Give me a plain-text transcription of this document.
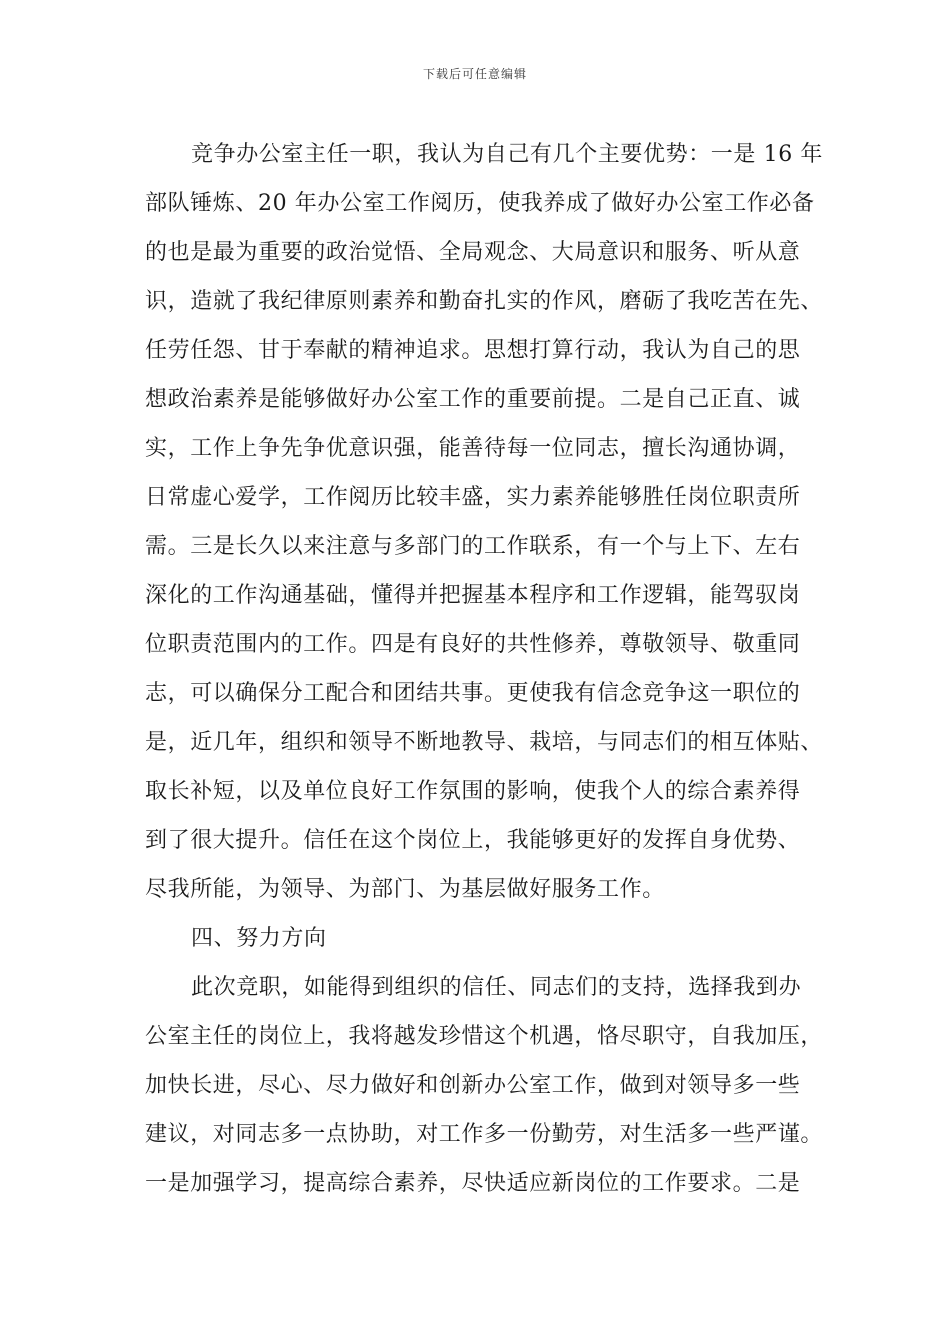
下载后可任意编辑
竞争办公室主任一职，我认为自己有几个主要优势：一是 16 年
部队锤炼、20 年办公室工作阅历，使我养成了做好办公室工作必备
的也是最为重要的政治觉悟、全局观念、大局意识和服务、听从意
识，造就了我纪律原则素养和勤奋扎实的作风，磨砺了我吃苦在先、
任劳任怨、甘于奉献的精神追求。思想打算行动，我认为自己的思
想政治素养是能够做好办公室工作的重要前提。二是自己正直、诚
实，工作上争先争优意识强，能善待每一位同志，擅长沟通协调，
日常虚心爱学，工作阅历比较丰盛，实力素养能够胜任岗位职责所
需。三是长久以来注意与多部门的工作联系，有一个与上下、左右
深化的工作沟通基础，懂得并把握基本程序和工作逻辑，能驾驭岗
位职责范围内的工作。四是有良好的共性修养，尊敬领导、敬重同
志，可以确保分工配合和团结共事。更使我有信念竞争这一职位的
是，近几年，组织和领导不断地教导、栽培，与同志们的相互体贴、
取长补短，以及单位良好工作氛围的影响，使我个人的综合素养得
到了很大提升。信任在这个岗位上，我能够更好的发挥自身优势、
尽我所能，为领导、为部门、为基层做好服务工作。
四、努力方向
此次竞职，如能得到组织的信任、同志们的支持，选择我到办
公室主任的岗位上，我将越发珍惜这个机遇，恪尽职守，自我加压，
加快长进，尽心、尽力做好和创新办公室工作，做到对领导多一些
建议，对同志多一点协助，对工作多一份勤劳，对生活多一些严谨。
一是加强学习，提高综合素养，尽快适应新岗位的工作要求。二是
